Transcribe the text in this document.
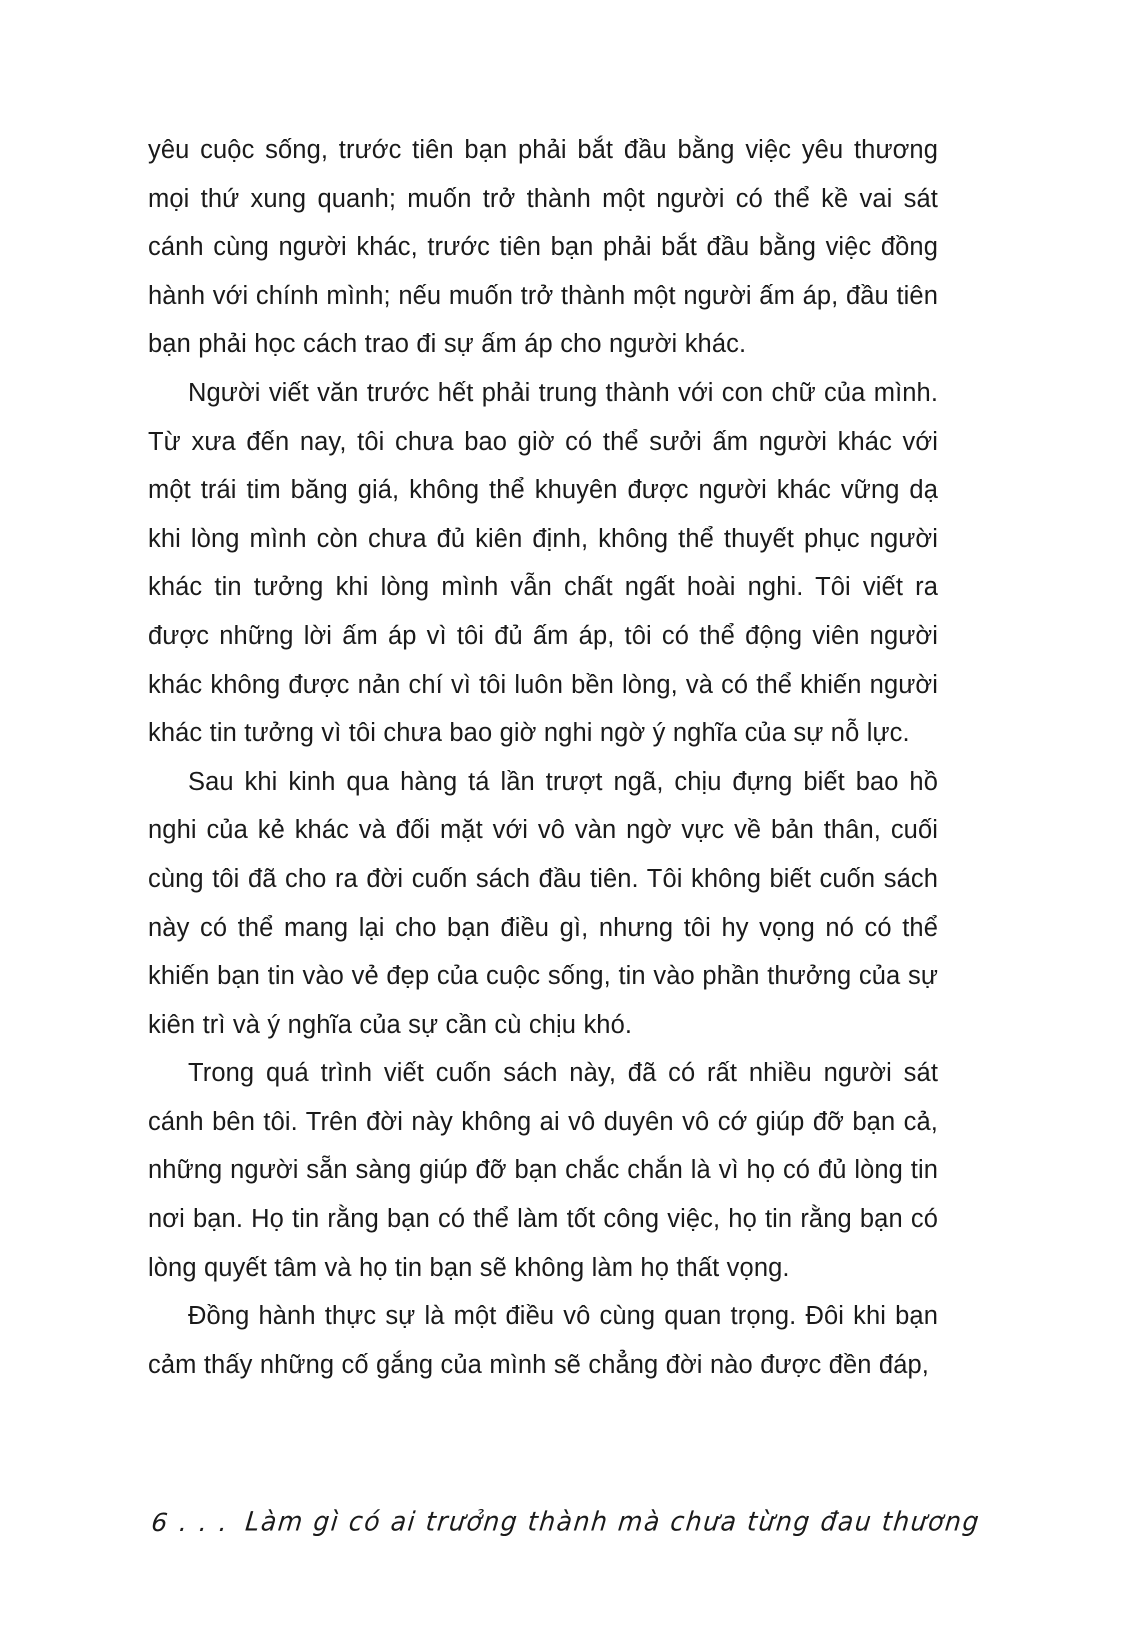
yêu cuộc sống, trước tiên bạn phải bắt đầu bằng việc yêu thương mọi thứ xung quanh; muốn trở thành một người có thể kề vai sát cánh cùng người khác, trước tiên bạn phải bắt đầu bằng việc đồng hành với chính mình; nếu muốn trở thành một người ấm áp, đầu tiên bạn phải học cách trao đi sự ấm áp cho người khác.

Người viết văn trước hết phải trung thành với con chữ của mình. Từ xưa đến nay, tôi chưa bao giờ có thể sưởi ấm người khác với một trái tim băng giá, không thể khuyên được người khác vững dạ khi lòng mình còn chưa đủ kiên định, không thể thuyết phục người khác tin tưởng khi lòng mình vẫn chất ngất hoài nghi. Tôi viết ra được những lời ấm áp vì tôi đủ ấm áp, tôi có thể động viên người khác không được nản chí vì tôi luôn bền lòng, và có thể khiến người khác tin tưởng vì tôi chưa bao giờ nghi ngờ ý nghĩa của sự nỗ lực.

Sau khi kinh qua hàng tá lần trượt ngã, chịu đựng biết bao hồ nghi của kẻ khác và đối mặt với vô vàn ngờ vực về bản thân, cuối cùng tôi đã cho ra đời cuốn sách đầu tiên. Tôi không biết cuốn sách này có thể mang lại cho bạn điều gì, nhưng tôi hy vọng nó có thể khiến bạn tin vào vẻ đẹp của cuộc sống, tin vào phần thưởng của sự kiên trì và ý nghĩa của sự cần cù chịu khó.

Trong quá trình viết cuốn sách này, đã có rất nhiều người sát cánh bên tôi. Trên đời này không ai vô duyên vô cớ giúp đỡ bạn cả, những người sẵn sàng giúp đỡ bạn chắc chắn là vì họ có đủ lòng tin nơi bạn. Họ tin rằng bạn có thể làm tốt công việc, họ tin rằng bạn có lòng quyết tâm và họ tin bạn sẽ không làm họ thất vọng.

Đồng hành thực sự là một điều vô cùng quan trọng. Đôi khi bạn cảm thấy những cố gắng của mình sẽ chẳng đời nào được đền đáp,

6 . . . Làm gì có ai trưởng thành mà chưa từng đau thương
